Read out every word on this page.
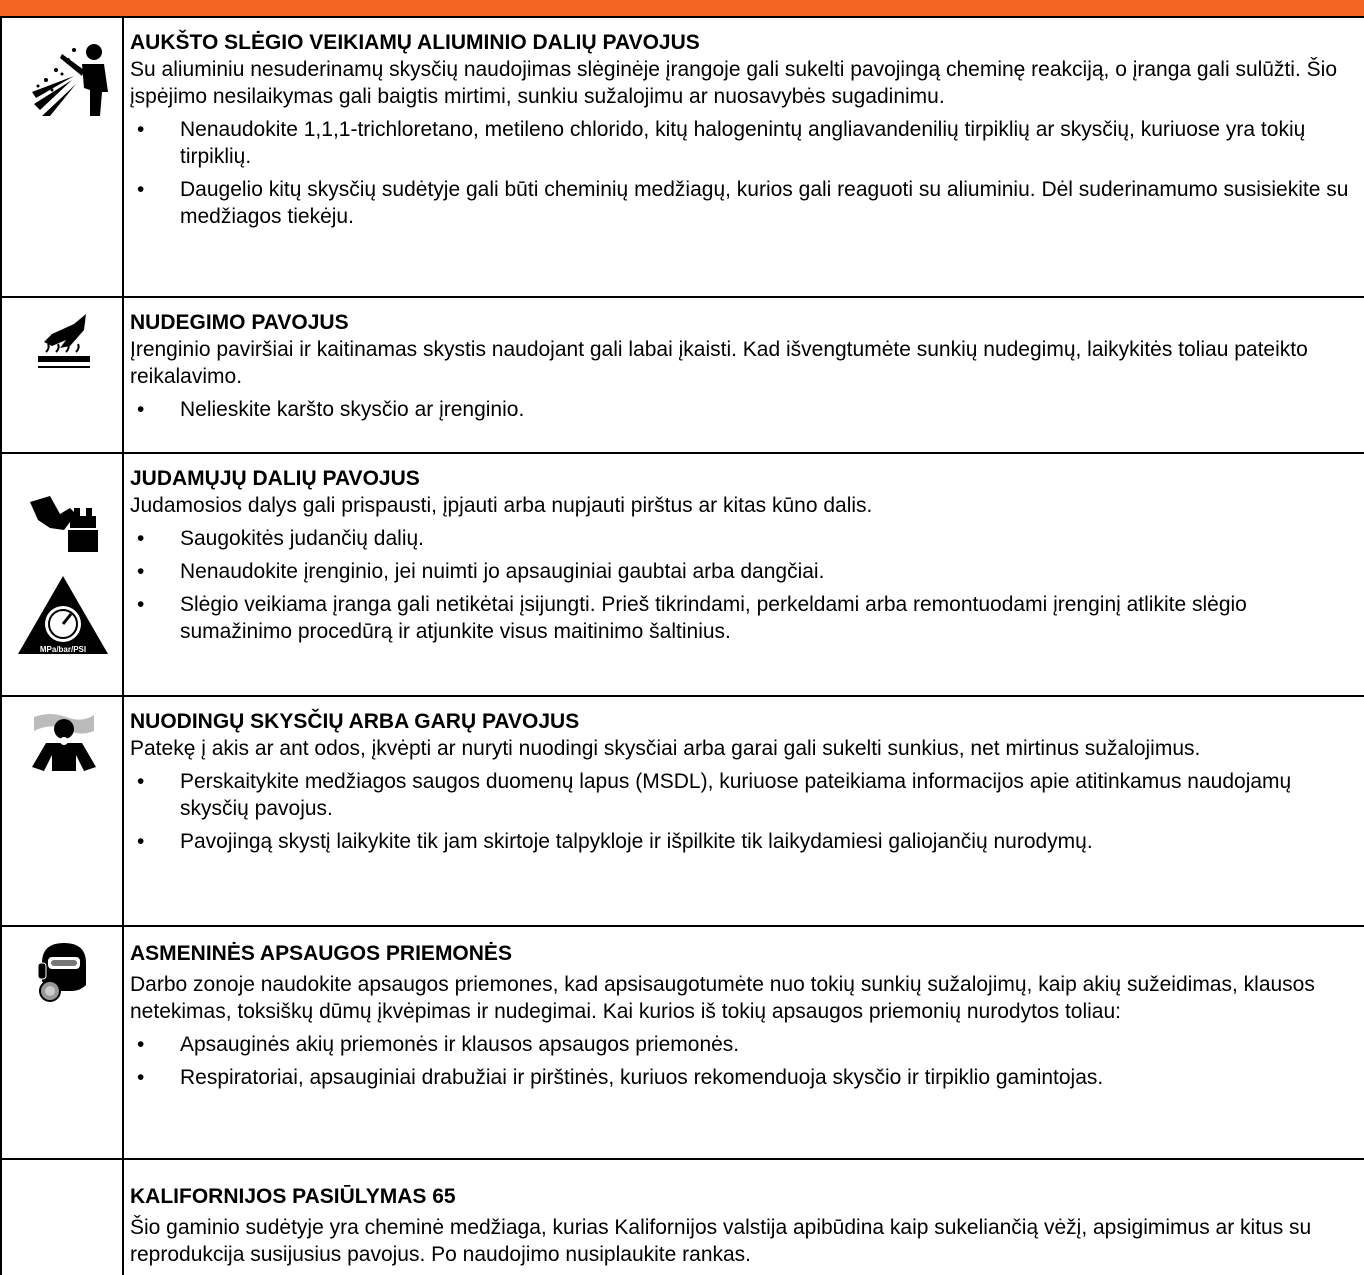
AUKŠTO SLĖGIO VEIKIAMŲ ALIUMINIO DALIŲ PAVOJUS
Su aliuminiu nesuderinamų skysčių naudojimas slėginėje įrangoje gali sukelti pavojingą cheminę reakciją, o įranga gali sulūžti. Šio įspėjimo nesilaikymas gali baigtis mirtimi, sunkiu sužalojimu ar nuosavybės sugadinimu.
• Nenaudokite 1,1,1-trichloretano, metileno chlorido, kitų halogenintų angliavandenilių tirpiklių ar skysčių, kuriuose yra tokių tirpiklių.
• Daugelio kitų skysčių sudėtyje gali būti cheminių medžiagų, kurios gali reaguoti su aliuminiu. Dėl suderinamumo susisiekite su medžiagos tiekėju.
NUDEGIMO PAVOJUS
Įrenginio paviršiai ir kaitinamas skystis naudojant gali labai įkaisti. Kad išvengtumėte sunkių nudegimų, laikykitės toliau pateikto reikalavimo.
• Nelieskite karšto skysčio ar įrenginio.
MPa/bar/PSI
JUDAMŲJŲ DALIŲ PAVOJUS
Judamosios dalys gali prispausti, įpjauti arba nupjauti pirštus ar kitas kūno dalis.
• Saugokitės judančių dalių.
• Nenaudokite įrenginio, jei nuimti jo apsauginiai gaubtai arba dangčiai.
• Slėgio veikiama įranga gali netikėtai įsijungti. Prieš tikrindami, perkeldami arba remontuodami įrenginį atlikite slėgio sumažinimo procedūrą ir atjunkite visus maitinimo šaltinius.
NUODINGŲ SKYSČIŲ ARBA GARŲ PAVOJUS
Patekę į akis ar ant odos, įkvėpti ar nuryti nuodingi skysčiai arba garai gali sukelti sunkius, net mirtinus sužalojimus.
• Perskaitykite medžiagos saugos duomenų lapus (MSDL), kuriuose pateikiama informacijos apie atitinkamus naudojamų skysčių pavojus.
• Pavojingą skystį laikykite tik jam skirtoje talpykloje ir išpilkite tik laikydamiesi galiojančių nurodymų.
ASMENINĖS APSAUGOS PRIEMONĖS
Darbo zonoje naudokite apsaugos priemones, kad apsisaugotumėte nuo tokių sunkių sužalojimų, kaip akių sužeidimas, klausos netekimas, toksiškų dūmų įkvėpimas ir nudegimai. Kai kurios iš tokių apsaugos priemonių nurodytos toliau:
• Apsauginės akių priemonės ir klausos apsaugos priemonės.
• Respiratoriai, apsauginiai drabužiai ir pirštinės, kuriuos rekomenduoja skysčio ir tirpiklio gamintojas.
KALIFORNIJOS PASIŪLYMAS 65
Šio gaminio sudėtyje yra cheminė medžiaga, kurias Kalifornijos valstija apibūdina kaip sukeliančią vėžį, apsigimimus ar kitus su reprodukcija susijusius pavojus. Po naudojimo nusiplaukite rankas.
